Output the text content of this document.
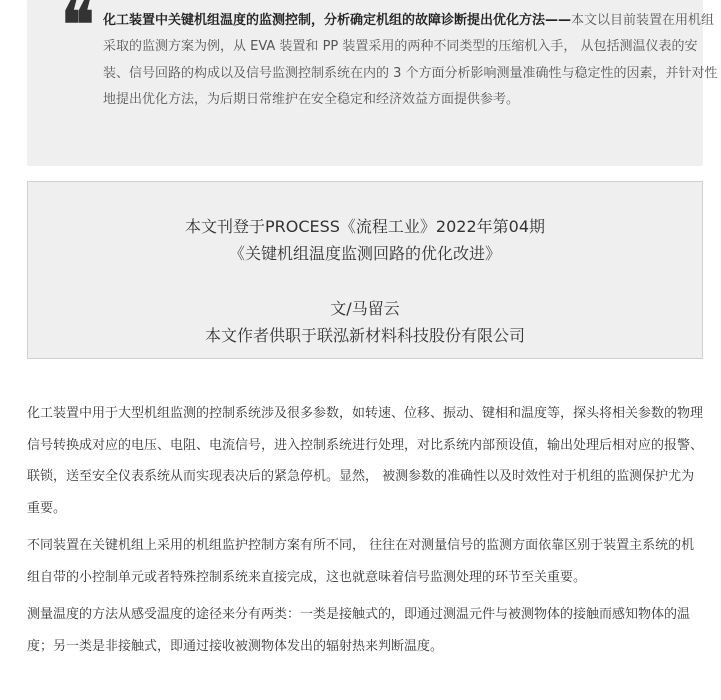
❝ 化工装置中关键机组温度的监测控制，分析确定机组的故障诊断提出优化方法——本文以目前装置在用机组采取的监测方案为例，从 EVA 装置和 PP 装置采用的两种不同类型的压缩机入手， 从包括测温仪表的安装、信号回路的构成以及信号监测控制系统在内的 3 个方面分析影响测量准确性与稳定性的因素，并针对性地提出优化方法，为后期日常维护在安全稳定和经济效益方面提供参考。
本文刊登于PROCESS《流程工业》2022年第04期
《关键机组温度监测回路的优化改进》
文/马留云
本文作者供职于联泓新材料科技股份有限公司

化工装置中用于大型机组监测的控制系统涉及很多参数，如转速、位移、振动、键相和温度等，探头将相关参数的物理信号转换成对应的电压、电阻、电流信号，进入控制系统进行处理，对比系统内部预设值，输出处理后相对应的报警、联锁，送至安全仪表系统从而实现表决后的紧急停机。显然， 被测参数的准确性以及时效性对于机组的监测保护尤为重要。

不同装置在关键机组上采用的机组监护控制方案有所不同， 往往在对测量信号的监测方面依靠区别于装置主系统的机组自带的小控制单元或者特殊控制系统来直接完成，这也就意味着信号监测处理的环节至关重要。

测量温度的方法从感受温度的途径来分有两类：一类是接触式的，即通过测温元件与被测物体的接触而感知物体的温度；另一类是非接触式，即通过接收被测物体发出的辐射热来判断温度。
